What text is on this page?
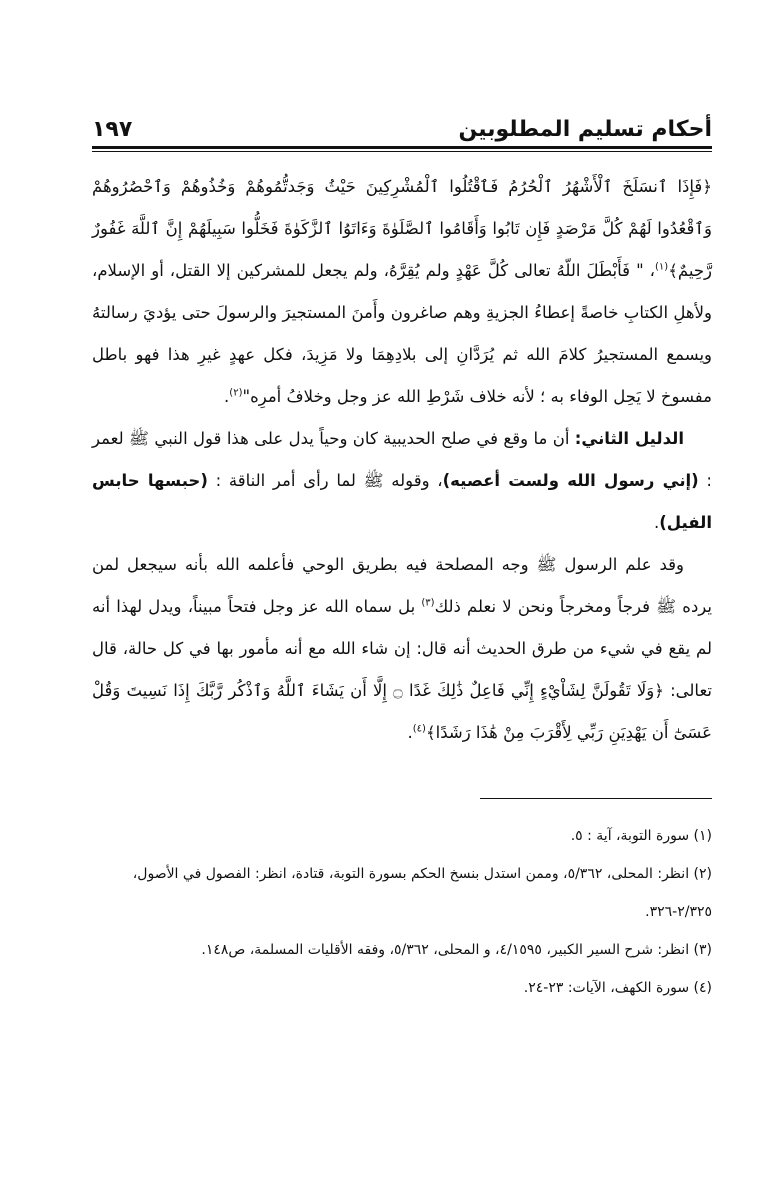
أحكام تسليم المطلوبين
١٩٧

﴿فَإِذَا ٱنسَلَخَ ٱلْأَشْهُرُ ٱلْحُرُمُ فَٱقْتُلُوا ٱلْمُشْرِكِينَ حَيْثُ وَجَدتُّمُوهُمْ وَخُذُوهُمْ وَٱحْصُرُوهُمْ وَٱقْعُدُوا لَهُمْ كُلَّ مَرْصَدٍ فَإِن تَابُوا وَأَقَامُوا ٱلصَّلَوٰةَ وَءَاتَوُا ٱلزَّكَوٰةَ فَخَلُّوا سَبِيلَهُمْ إِنَّ ٱللَّهَ غَفُورٌ رَّحِيمٌ﴾$^{(١)}$، " فَأَبْطَلَ اللّهُ تعالى كُلَّ عَهْدٍ ولم يُقِرَّهُ، ولم يجعل للمشركين إلا القتل، أو الإسلام، ولأهلِ الكتابِ خاصةً إعطاءُ الجزيةِ وهم صاغرون وأَمنَ المستجيرَ والرسولَ حتى يؤديَ رسالتهُ ويسمع المستجيرُ كلامَ الله ثم يُرَدَّانِ إلى بلادِهِمَا ولا مَزِيدَ، فكل عهدٍ غيرِ هذا فهو باطل مفسوخ لا يَحِل الوفاء به ؛ لأنه خلاف شَرْطِ الله عز وجل وخلافُ أمرِه"$^{(٢)}$.

الدليل الثاني: أن ما وقع في صلح الحديبية كان وحياً يدل على هذا قول النبي ﷺ لعمر : (إني رسول الله ولست أعصيه)، وقوله ﷺ لما رأى أمر الناقة : (حبسها حابس الفيل).

وقد علم الرسول ﷺ وجه المصلحة فيه بطريق الوحي فأعلمه الله بأنه سيجعل لمن يرده ﷺ فرجاً ومخرجاً ونحن لا نعلم ذلك$^{(٣)}$ بل سماه الله عز وجل فتحاً مبيناً، ويدل لهذا أنه لم يقع في شيء من طرق الحديث أنه قال: إن شاء الله مع أنه مأمور بها في كل حالة، قال تعالى: ﴿وَلَا تَقُولَنَّ لِشَاْيْءٍ إِنِّي فَاعِلٌ ذَٰلِكَ غَدًا ۝ إِلَّا أَن يَشَاءَ ٱللَّهُ وَٱذْكُر رَّبَّكَ إِذَا نَسِيتَ وَقُلْ عَسَىٰٓ أَن يَهْدِيَنِ رَبِّي لِأَقْرَبَ مِنْ هَٰذَا رَشَدًا﴾$^{(٤)}$.

(١) سورة التوبة، آية : ٥.

(٢) انظر: المحلى، ٥/٣٦٢، وممن استدل بنسخ الحكم بسورة التوبة، قتادة، انظر: الفصول في الأصول، ٢/٣٢٥-٣٢٦.

(٣) انظر: شرح السير الكبير، ٤/١٥٩٥، و المحلى، ٥/٣٦٢، وفقه الأقليات المسلمة، ص١٤٨.

(٤) سورة الكهف، الآيات: ٢٣-٢٤.
